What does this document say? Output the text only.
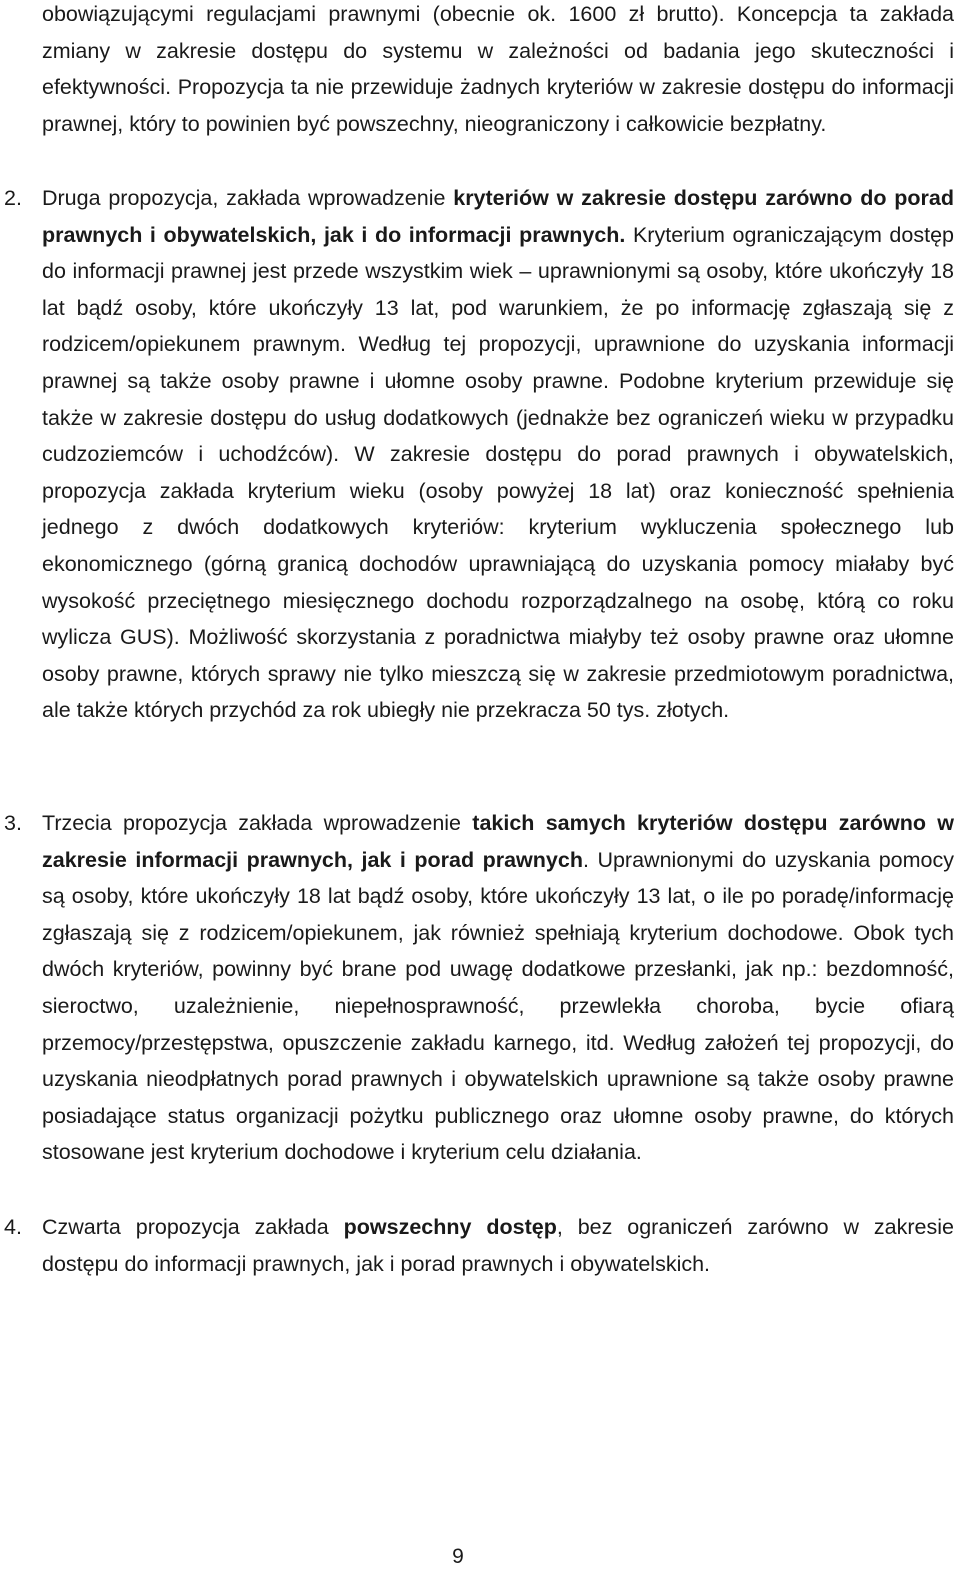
obowiązującymi regulacjami prawnymi (obecnie ok. 1600 zł brutto). Koncepcja ta zakłada zmiany w zakresie dostępu do systemu w zależności od badania jego skuteczności i efektywności. Propozycja ta nie przewiduje żadnych kryteriów w zakresie dostępu do informacji prawnej, który to powinien być powszechny, nieograniczony i całkowicie bezpłatny.

2. Druga propozycja, zakłada wprowadzenie kryteriów w zakresie dostępu zarówno do porad prawnych i obywatelskich, jak i do informacji prawnych. Kryterium ograniczającym dostęp do informacji prawnej jest przede wszystkim wiek – uprawnionymi są osoby, które ukończyły 18 lat bądź osoby, które ukończyły 13 lat, pod warunkiem, że po informację zgłaszają się z rodzicem/opiekunem prawnym. Według tej propozycji, uprawnione do uzyskania informacji prawnej są także osoby prawne i ułomne osoby prawne. Podobne kryterium przewiduje się także w zakresie dostępu do usług dodatkowych (jednakże bez ograniczeń wieku w przypadku cudzoziemców i uchodźców). W zakresie dostępu do porad prawnych i obywatelskich, propozycja zakłada kryterium wieku (osoby powyżej 18 lat) oraz konieczność spełnienia jednego z dwóch dodatkowych kryteriów: kryterium wykluczenia społecznego lub ekonomicznego (górną granicą dochodów uprawniającą do uzyskania pomocy miałaby być wysokość przeciętnego miesięcznego dochodu rozporządzalnego na osobę, którą co roku wylicza GUS). Możliwość skorzystania z poradnictwa miałyby też osoby prawne oraz ułomne osoby prawne, których sprawy nie tylko mieszczą się w zakresie przedmiotowym poradnictwa, ale także których przychód za rok ubiegły nie przekracza 50 tys. złotych.

3. Trzecia propozycja zakłada wprowadzenie takich samych kryteriów dostępu zarówno w zakresie informacji prawnych, jak i porad prawnych. Uprawnionymi do uzyskania pomocy są osoby, które ukończyły 18 lat bądź osoby, które ukończyły 13 lat, o ile po poradę/informację zgłaszają się z rodzicem/opiekunem, jak również spełniają kryterium dochodowe. Obok tych dwóch kryteriów, powinny być brane pod uwagę dodatkowe przesłanki, jak np.: bezdomność, sieroctwo, uzależnienie, niepełnosprawność, przewlekła choroba, bycie ofiarą przemocy/przestępstwa, opuszczenie zakładu karnego, itd. Według założeń tej propozycji, do uzyskania nieodpłatnych porad prawnych i obywatelskich uprawnione są także osoby prawne posiadające status organizacji pożytku publicznego oraz ułomne osoby prawne, do których stosowane jest kryterium dochodowe i kryterium celu działania.

4. Czwarta propozycja zakłada powszechny dostęp, bez ograniczeń zarówno w zakresie dostępu do informacji prawnych, jak i porad prawnych i obywatelskich.

9
